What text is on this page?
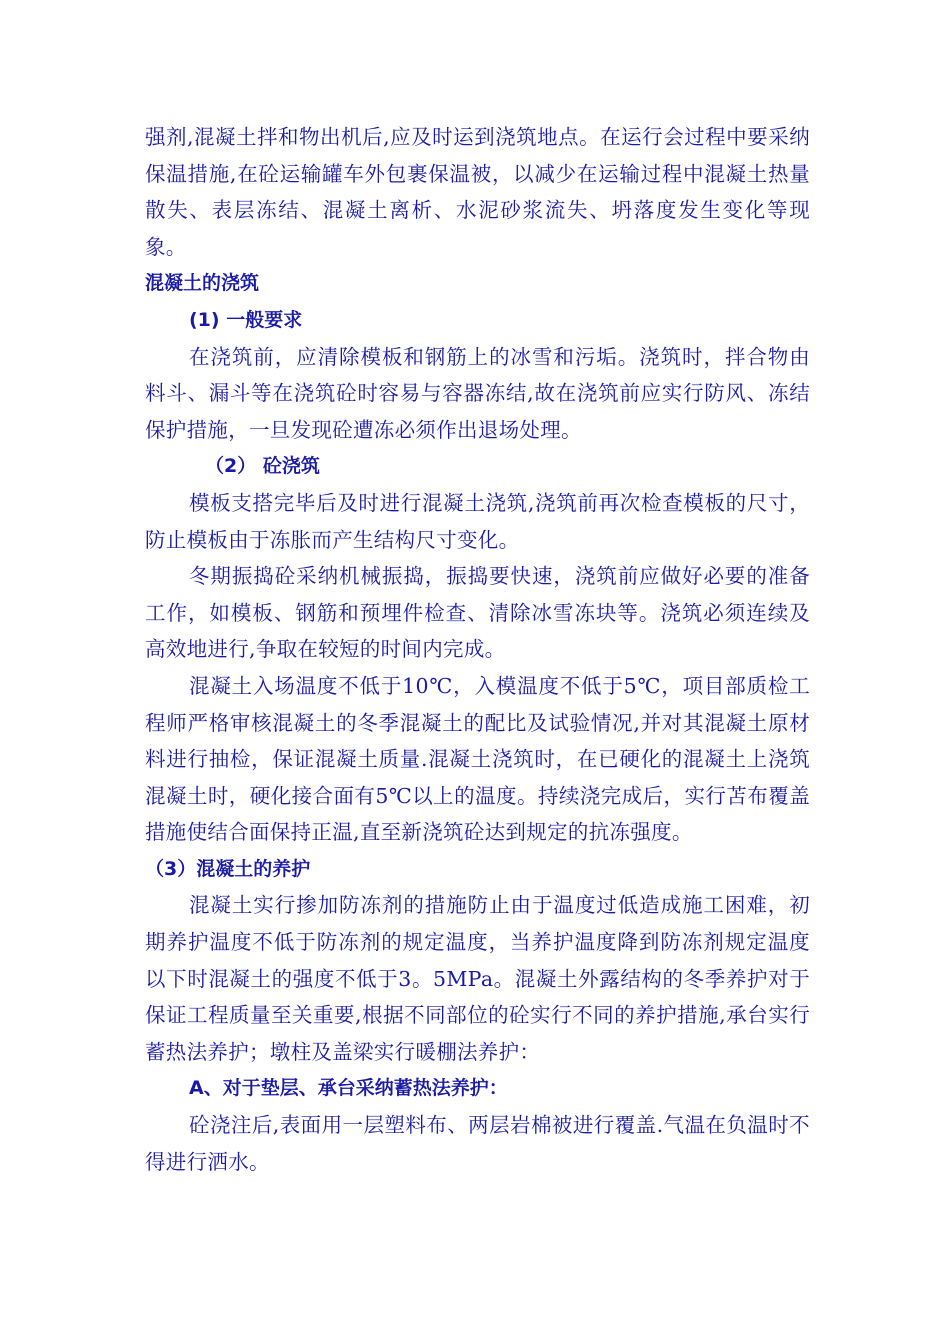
强剂,混凝土拌和物出机后,应及时运到浇筑地点。在运行会过程中要采纳保温措施,在砼运输罐车外包裹保温被，以减少在运输过程中混凝土热量散失、表层冻结、混凝土离析、水泥砂浆流失、坍落度发生变化等现象。

混凝土的浇筑
(1) 一般要求

在浇筑前，应清除模板和钢筋上的冰雪和污垢。浇筑时，拌合物由料斗、漏斗等在浇筑砼时容易与容器冻结,故在浇筑前应实行防风、冻结保护措施，一旦发现砼遭冻必须作出退场处理。

（2） 砼浇筑

模板支搭完毕后及时进行混凝土浇筑,浇筑前再次检查模板的尺寸，防止模板由于冻胀而产生结构尺寸变化。

冬期振捣砼采纳机械振捣，振捣要快速，浇筑前应做好必要的准备工作，如模板、钢筋和预埋件检查、清除冰雪冻块等。浇筑必须连续及高效地进行,争取在较短的时间内完成。

混凝土入场温度不低于10℃，入模温度不低于5℃，项目部质检工程师严格审核混凝土的冬季混凝土的配比及试验情况,并对其混凝土原材料进行抽检，保证混凝土质量.混凝土浇筑时，在已硬化的混凝土上浇筑混凝土时，硬化接合面有5℃以上的温度。持续浇完成后，实行苫布覆盖措施使结合面保持正温,直至新浇筑砼达到规定的抗冻强度。

（3）混凝土的养护

混凝土实行掺加防冻剂的措施防止由于温度过低造成施工困难，初期养护温度不低于防冻剂的规定温度，当养护温度降到防冻剂规定温度以下时混凝土的强度不低于3。5MPa。混凝土外露结构的冬季养护对于保证工程质量至关重要,根据不同部位的砼实行不同的养护措施,承台实行蓄热法养护；墩柱及盖梁实行暖棚法养护：

A、对于垫层、承台采纳蓄热法养护：

砼浇注后,表面用一层塑料布、两层岩棉被进行覆盖.气温在负温时不得进行洒水。
